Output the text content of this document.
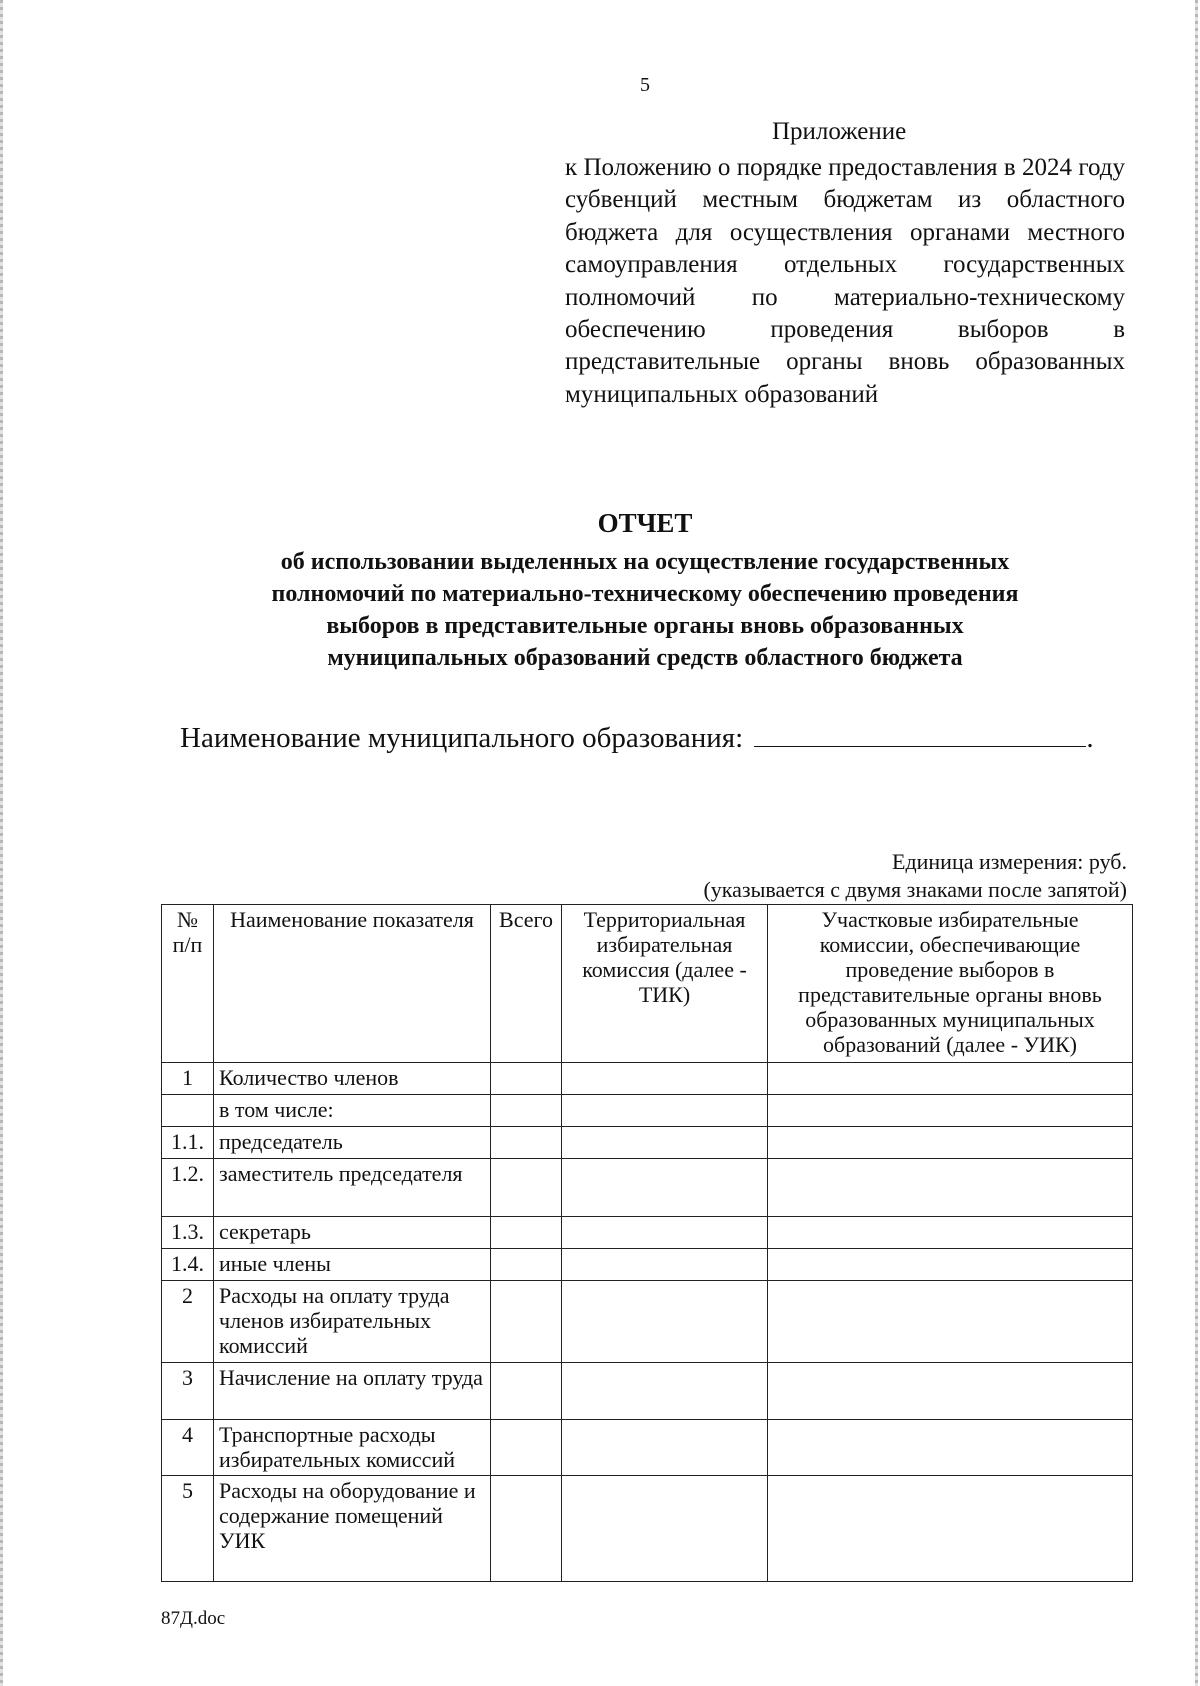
5
Приложение
к Положению о порядке предоставления в 2024 году субвенций местным бюджетам из областного бюджета для осуществления органами местного самоуправления отдельных государственных полномочий по материально-техническому обеспечению проведения выборов в представительные органы вновь образованных муниципальных образований
ОТЧЕТ
об использовании выделенных на осуществление государственных
полномочий по материально-техническому обеспечению проведения
выборов в представительные органы вновь образованных
муниципальных образований средств областного бюджета
Наименование муниципального образования:	.
Единица измерения: руб.
(указывается с двумя знаками после запятой)
№ п/п	Наименование показателя	Всего	Территориальная избирательная комиссия (далее - ТИК)	Участковые избирательные комиссии, обеспечивающие проведение выборов в представительные органы вновь образованных муниципальных образований (далее - УИК)
1	Количество членов			
	в том числе:			
1.1.	председатель			
1.2.	заместитель председателя			
1.3.	секретарь			
1.4.	иные члены			
2	Расходы на оплату труда членов избирательных комиссий			
3	Начисление на оплату труда			
4	Транспортные расходы избирательных комиссий			
5	Расходы на оборудование и содержание помещений УИК			
87Д.doc
